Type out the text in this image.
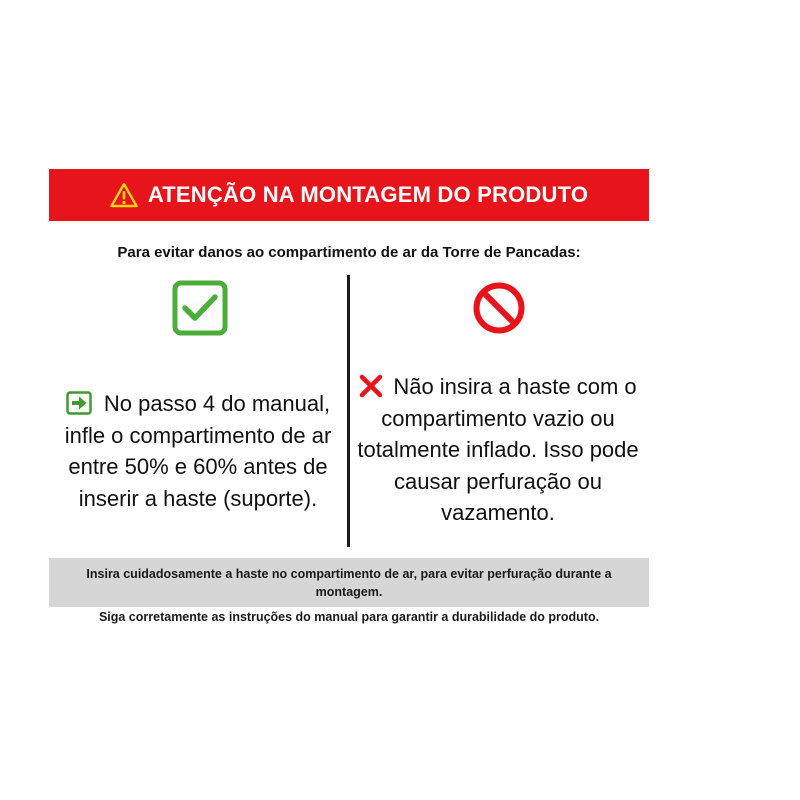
ATENÇÃO NA MONTAGEM DO PRODUTO
Para evitar danos ao compartimento de ar da Torre de Pancadas:
No passo 4 do manual, infle o compartimento de ar entre 50% e 60% antes de inserir a haste (suporte).
Não insira a haste com o compartimento vazio ou totalmente inflado. Isso pode causar perfuração ou vazamento.
Insira cuidadosamente a haste no compartimento de ar, para evitar perfuração durante a montagem.
Siga corretamente as instruções do manual para garantir a durabilidade do produto.
